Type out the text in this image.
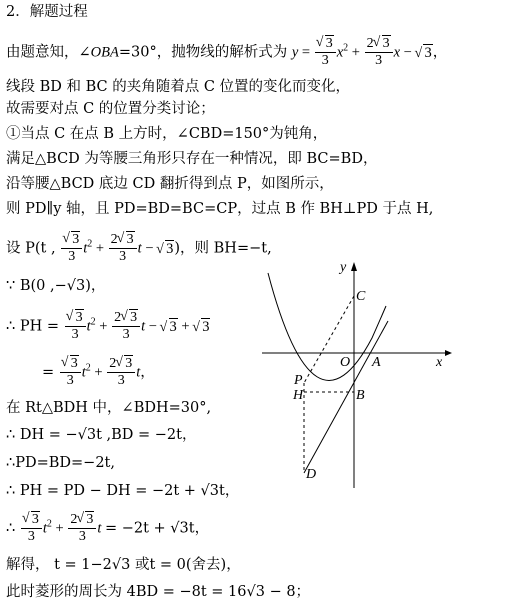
2．解题过程
由题意知，∠OBA=30°，抛物线的解析式为 y = √ $\frac{3}{3} x^2 + \frac{2 √ 3}{3}$ x − √ 3，
线段 BD 和 BC 的夹角随着点 C 位置的变化而变化，
故需要对点 C 的位置分类讨论；
①当点 C 在点 B 上方时，∠CBD=150°为钝角，
满足△BCD 为等腰三角形只存在一种情况，即 BC=BD，
沿等腰△BCD 底边 CD 翻折得到点 P，如图所示，
则 PD∥y 轴，且 PD=BD=BC=CP，过点 B 作 BH⊥PD 于点 H,
设 P(t , √ $\frac{3}{3} t^2 + \frac{2 √ 3}{3}$ t − √ 3)，则 BH=−t,
∵ B(0 ,−√3)，
∴ PH = √ $\frac{3}{3} t^2 + \frac{2 √ 3}{3}$ t − √ 3 + √ 3
= √ $\frac{3}{3} t^2 + \frac{2 √ 3}{3}$ t，
在 Rt△BDH 中，∠BDH=30°,
∴ DH = −√3t ,BD = −2t，
∴PD=BD=−2t,
∴ PH = PD − DH = −2t + √3t，
∴ √ $\frac{3}{3} t^2 + \frac{2 √ 3}{3}$ t = −2t + √3t，
解得， t = 1−2√3 或t = 0(舍去)，
此时菱形的周长为 4BD = −8t = 16√3 − 8；
y
x
C
O A
P
H	B
D
